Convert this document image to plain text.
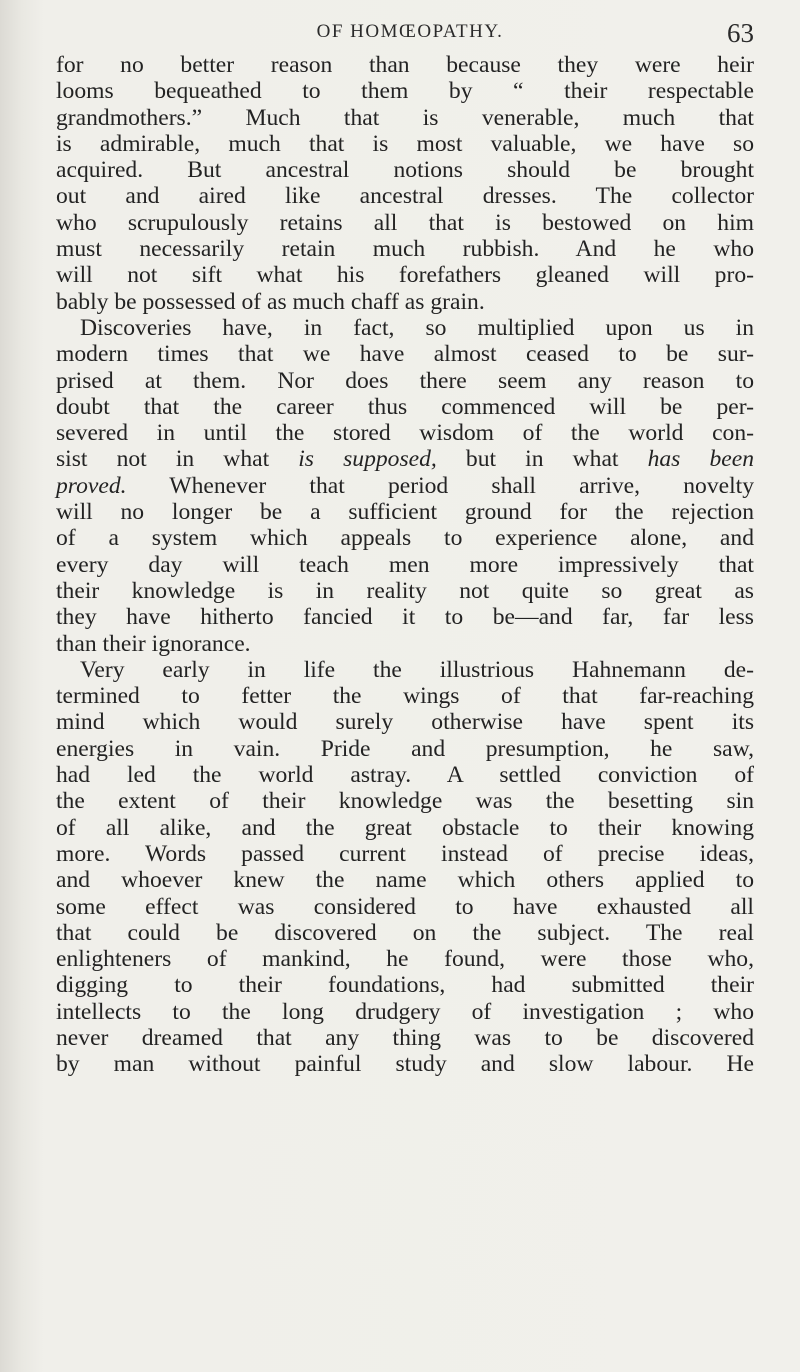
OF HOMŒOPATHY.	63
for no better reason than because they were heir
looms bequeathed to them by “ their respectable
grandmothers.” Much that is venerable, much that
is admirable, much that is most valuable, we have so
acquired. But ancestral notions should be brought
out and aired like ancestral dresses. The collector
who scrupulously retains all that is bestowed on him
must necessarily retain much rubbish. And he who
will not sift what his forefathers gleaned will pro-
bably be possessed of as much chaff as grain.
Discoveries have, in fact, so multiplied upon us in
modern times that we have almost ceased to be sur-
prised at them. Nor does there seem any reason to
doubt that the career thus commenced will be per-
severed in until the stored wisdom of the world con-
sist not in what is supposed, but in what has been
proved. Whenever that period shall arrive, novelty
will no longer be a sufficient ground for the rejection
of a system which appeals to experience alone, and
every day will teach men more impressively that
their knowledge is in reality not quite so great as
they have hitherto fancied it to be—and far, far less
than their ignorance.
Very early in life the illustrious Hahnemann de-
termined to fetter the wings of that far-reaching
mind which would surely otherwise have spent its
energies in vain. Pride and presumption, he saw,
had led the world astray. A settled conviction of
the extent of their knowledge was the besetting sin
of all alike, and the great obstacle to their knowing
more. Words passed current instead of precise ideas,
and whoever knew the name which others applied to
some effect was considered to have exhausted all
that could be discovered on the subject. The real
enlighteners of mankind, he found, were those who,
digging to their foundations, had submitted their
intellects to the long drudgery of investigation ; who
never dreamed that any thing was to be discovered
by man without painful study and slow labour. He
